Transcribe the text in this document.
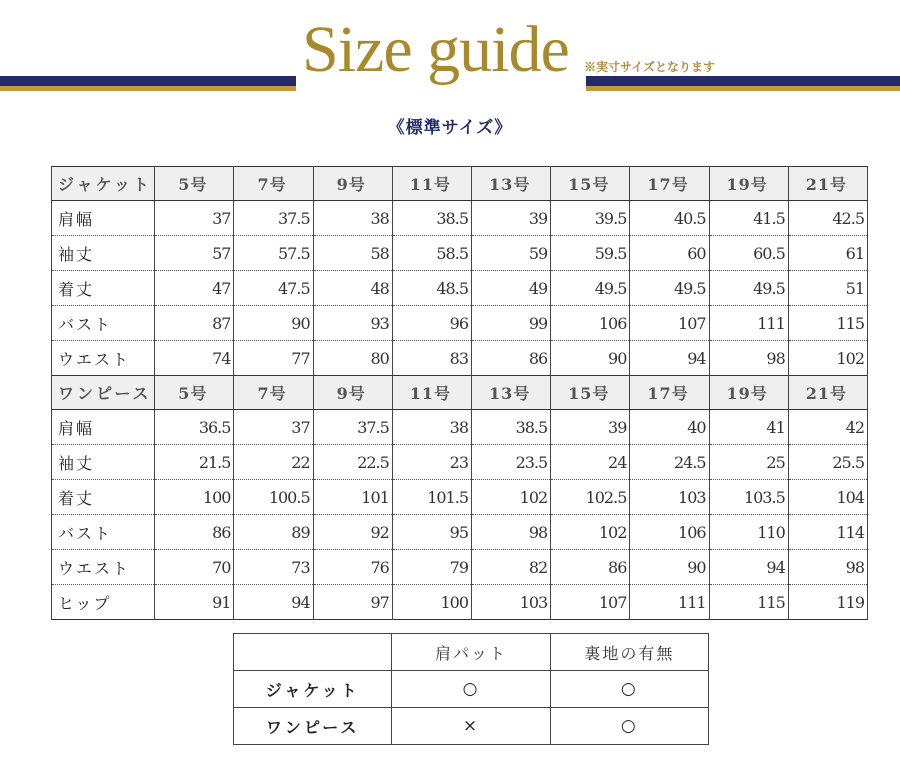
Size guide ※実寸サイズとなります
《標準サイズ》
ジャケット	5号	7号	9号	11号	13号	15号	17号	19号	21号
肩幅	37	37.5	38	38.5	39	39.5	40.5	41.5	42.5
袖丈	57	57.5	58	58.5	59	59.5	60	60.5	61
着丈	47	47.5	48	48.5	49	49.5	49.5	49.5	51
バスト	87	90	93	96	99	106	107	111	115
ウエスト	74	77	80	83	86	90	94	98	102
ワンピース	5号	7号	9号	11号	13号	15号	17号	19号	21号
肩幅	36.5	37	37.5	38	38.5	39	40	41	42
袖丈	21.5	22	22.5	23	23.5	24	24.5	25	25.5
着丈	100	100.5	101	101.5	102	102.5	103	103.5	104
バスト	86	89	92	95	98	102	106	110	114
ウエスト	70	73	76	79	82	86	90	94	98
ヒップ	91	94	97	100	103	107	111	115	119
	肩パット	裏地の有無
ジャケット	○	○
ワンピース	×	○
